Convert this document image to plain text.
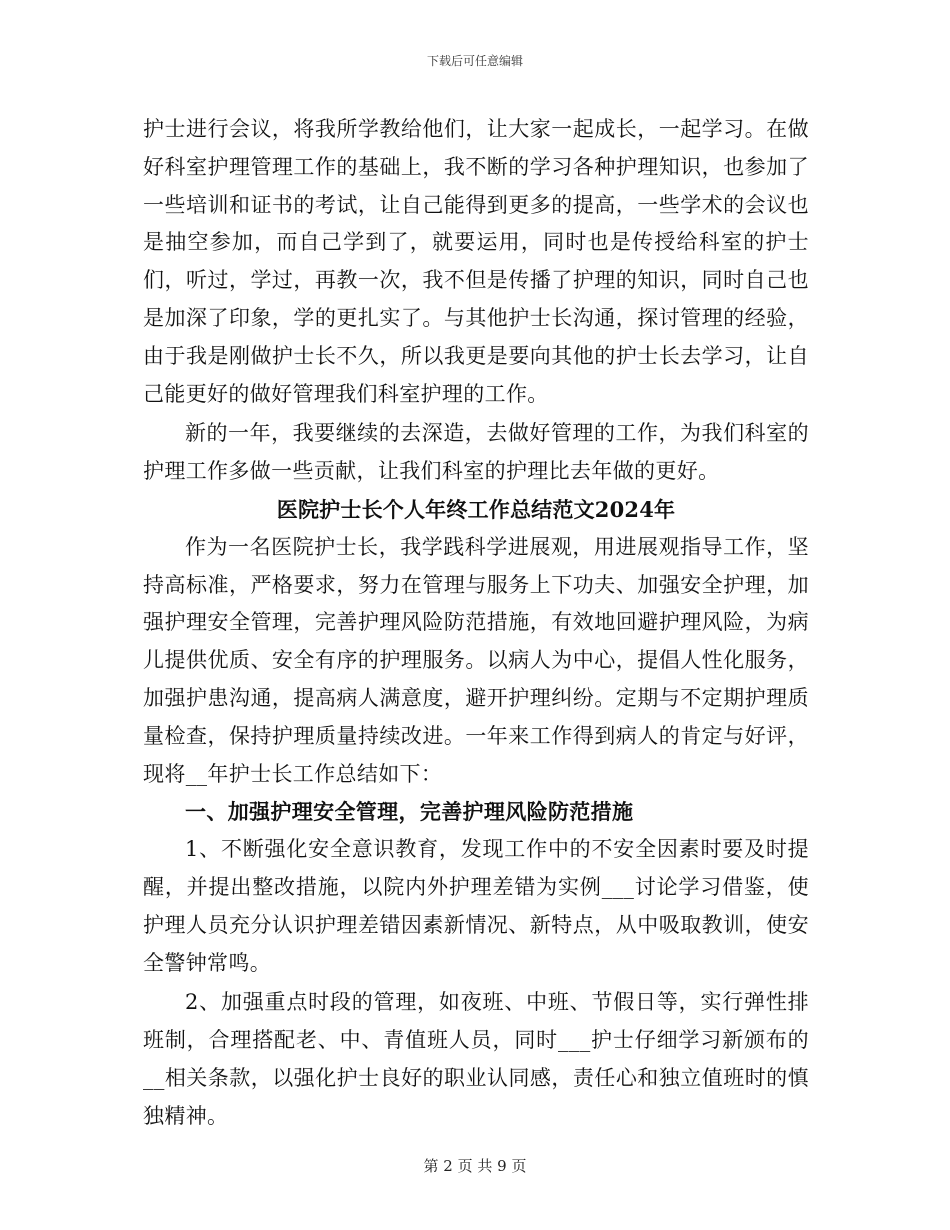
下载后可任意编辑

护士进行会议，将我所学教给他们，让大家一起成长，一起学习。在做好科室护理管理工作的基础上，我不断的学习各种护理知识，也参加了一些培训和证书的考试，让自己能得到更多的提高，一些学术的会议也是抽空参加，而自己学到了，就要运用，同时也是传授给科室的护士们，听过，学过，再教一次，我不但是传播了护理的知识，同时自己也是加深了印象，学的更扎实了。与其他护士长沟通，探讨管理的经验，由于我是刚做护士长不久，所以我更是要向其他的护士长去学习，让自己能更好的做好管理我们科室护理的工作。

新的一年，我要继续的去深造，去做好管理的工作，为我们科室的护理工作多做一些贡献，让我们科室的护理比去年做的更好。

医院护士长个人年终工作总结范文2024年

作为一名医院护士长，我学践科学进展观，用进展观指导工作，坚持高标准，严格要求，努力在管理与服务上下功夫、加强安全护理，加强护理安全管理，完善护理风险防范措施，有效地回避护理风险，为病儿提供优质、安全有序的护理服务。以病人为中心，提倡人性化服务，加强护患沟通，提高病人满意度，避开护理纠纷。定期与不定期护理质量检查，保持护理质量持续改进。一年来工作得到病人的肯定与好评，现将__年护士长工作总结如下：

一、加强护理安全管理，完善护理风险防范措施

1、不断强化安全意识教育，发现工作中的不安全因素时要及时提醒，并提出整改措施，以院内外护理差错为实例___讨论学习借鉴，使护理人员充分认识护理差错因素新情况、新特点，从中吸取教训，使安全警钟常鸣。

2、加强重点时段的管理，如夜班、中班、节假日等，实行弹性排班制，合理搭配老、中、青值班人员，同时___护士仔细学习新颁布的__相关条款，以强化护士良好的职业认同感，责任心和独立值班时的慎独精神。

第 2 页 共 9 页
